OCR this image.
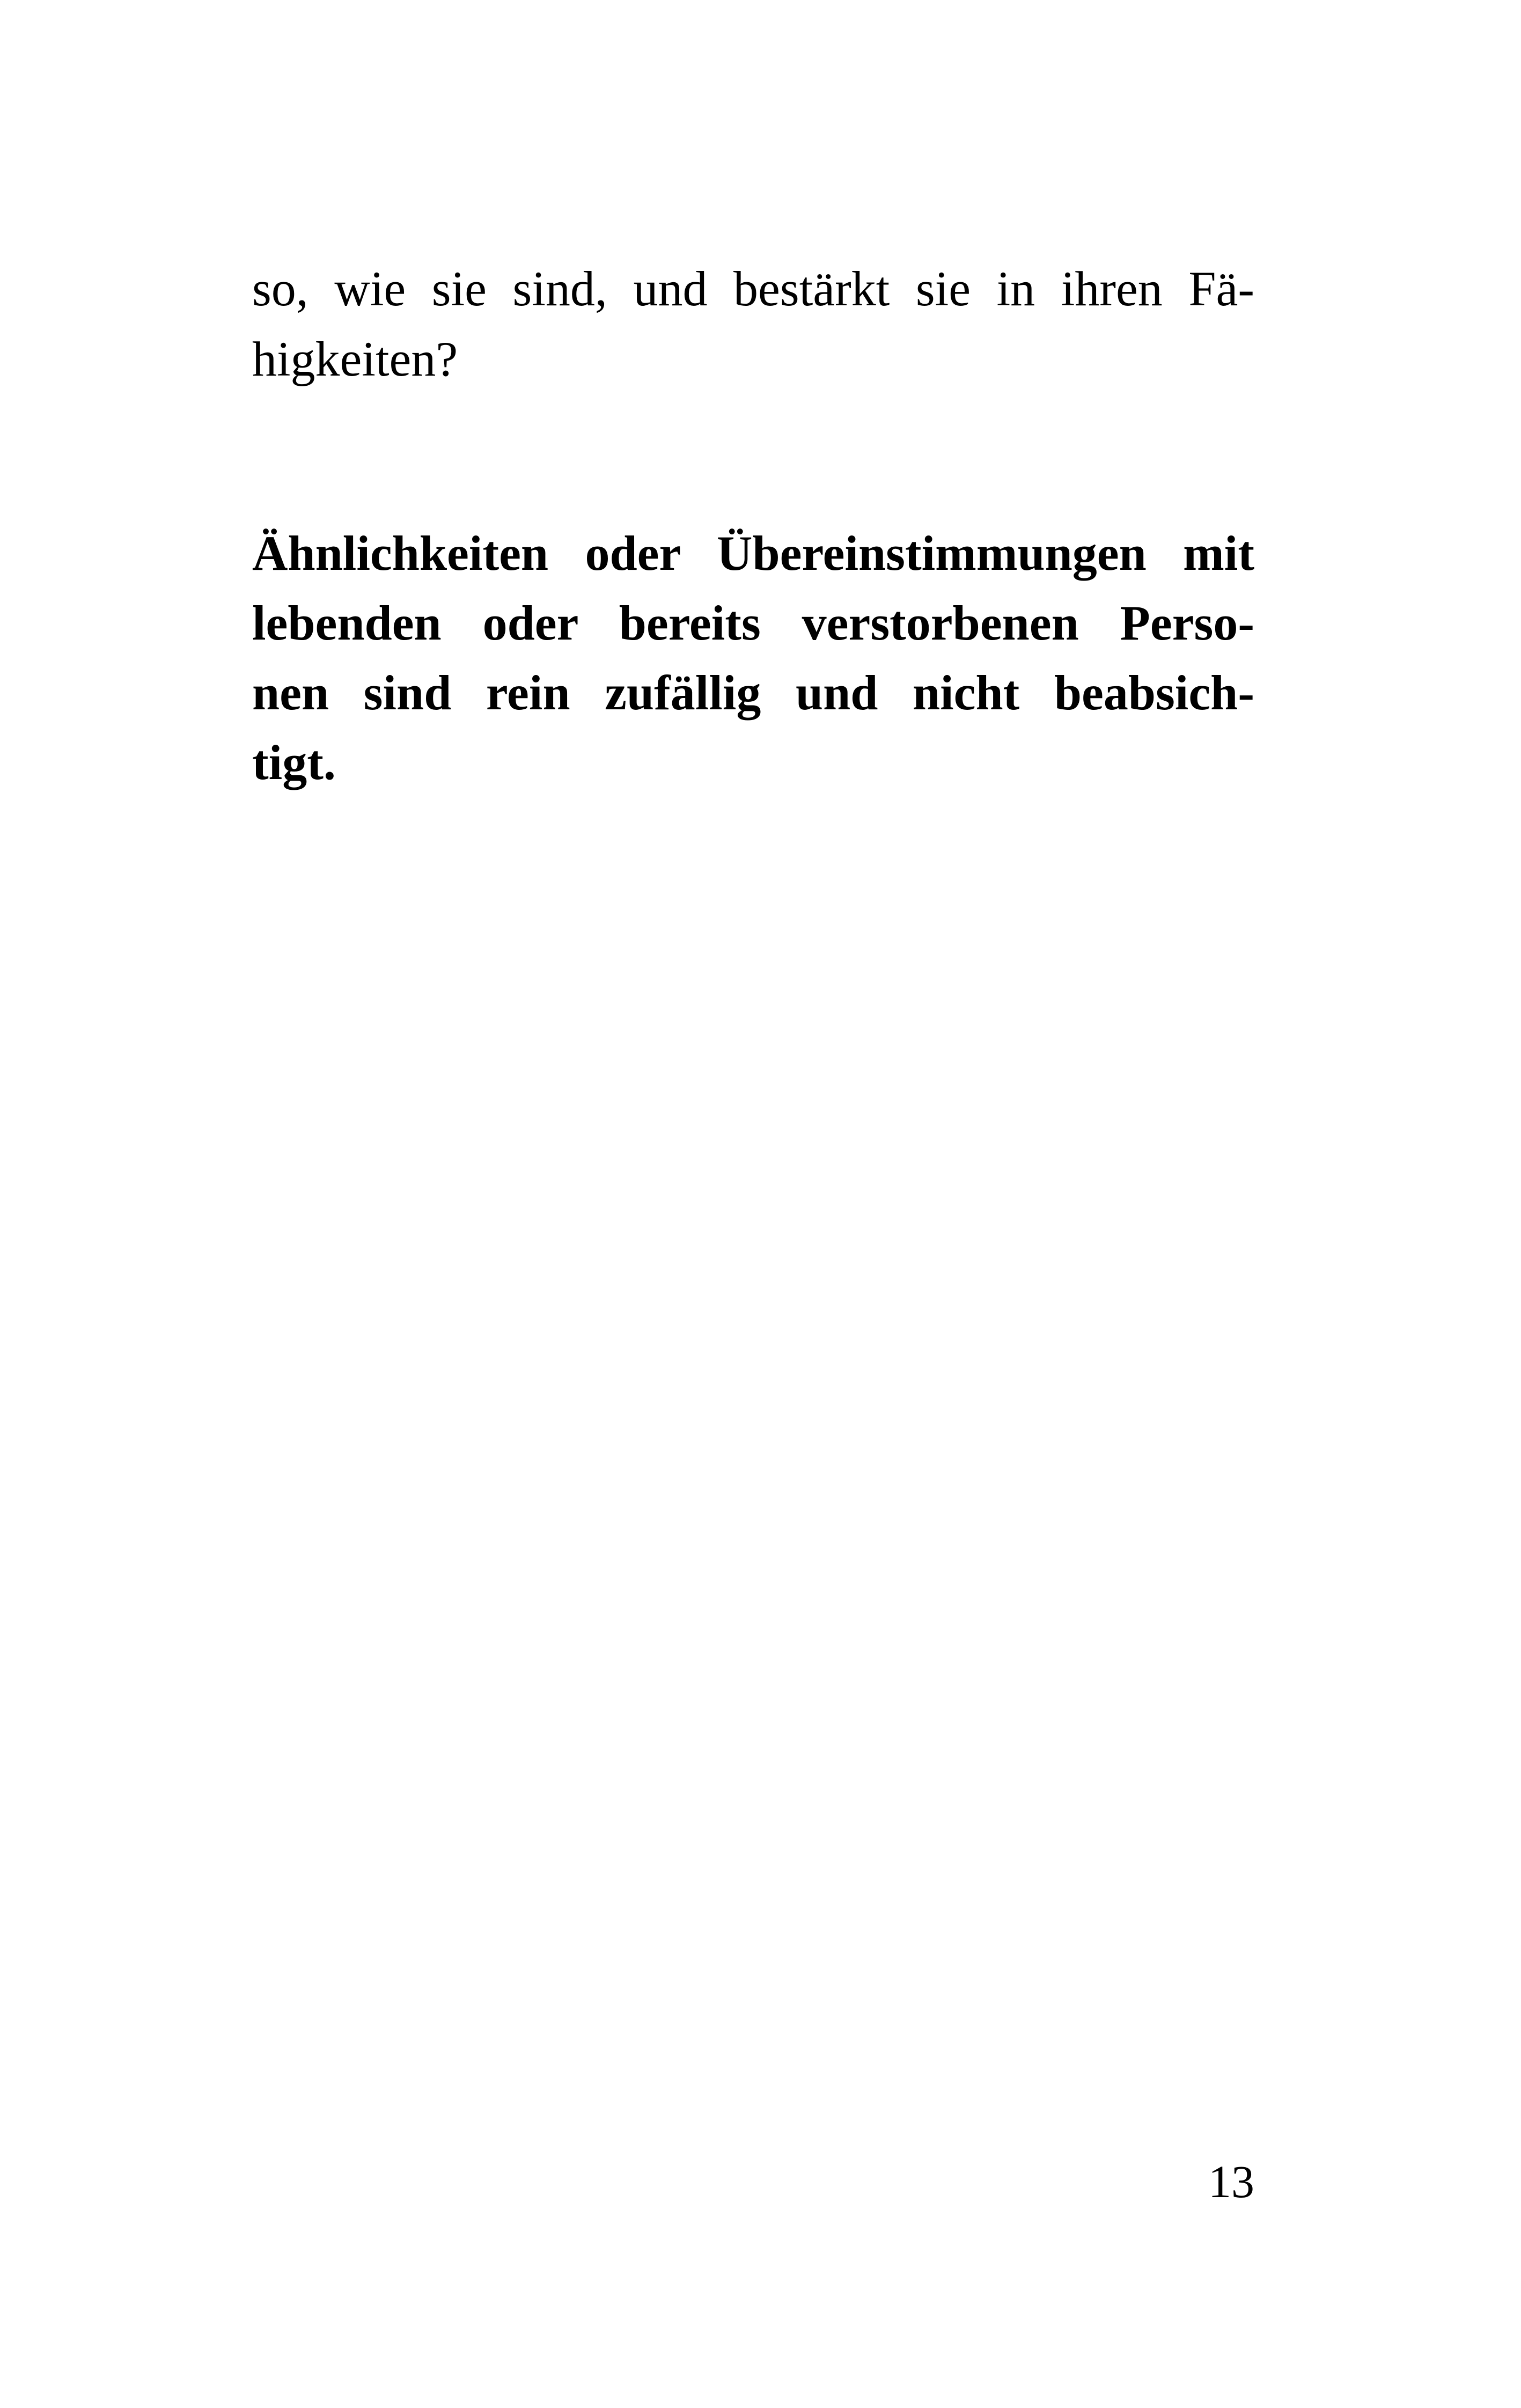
so, wie sie sind, und bestärkt sie in ihren Fä-
higkeiten?
Ähnlichkeiten oder Übereinstimmungen mit
lebenden oder bereits verstorbenen Perso-
nen sind rein zufällig und nicht beabsich-
tigt.
13
